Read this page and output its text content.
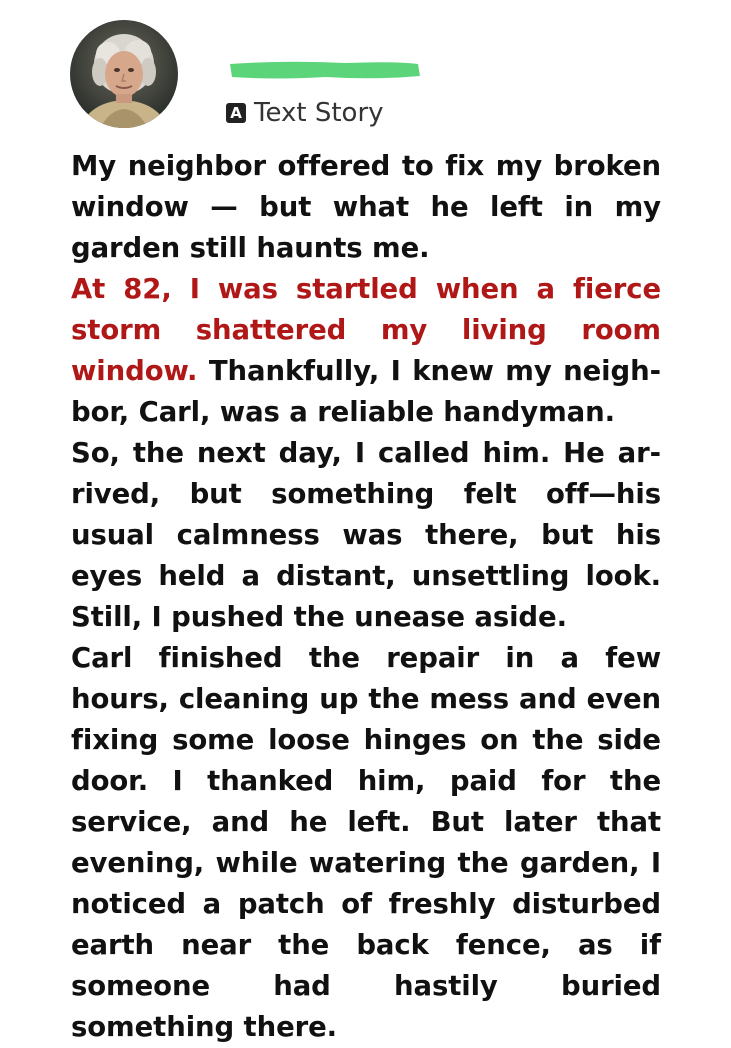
A Text Story

My neighbor offered to fix my broken window — but what he left in my garden still haunts me.

At 82, I was startled when a fierce storm shattered my living room window. Thankfully, I knew my neighbor, Carl, was a reliable handyman.

So, the next day, I called him. He arrived, but something felt off—his usual calmness was there, but his eyes held a distant, unsettling look. Still, I pushed the unease aside.

Carl finished the repair in a few hours, cleaning up the mess and even fixing some loose hinges on the side door. I thanked him, paid for the service, and he left. But later that evening, while watering the garden, I noticed a patch of freshly disturbed earth near the back fence, as if someone had hastily buried something there.
